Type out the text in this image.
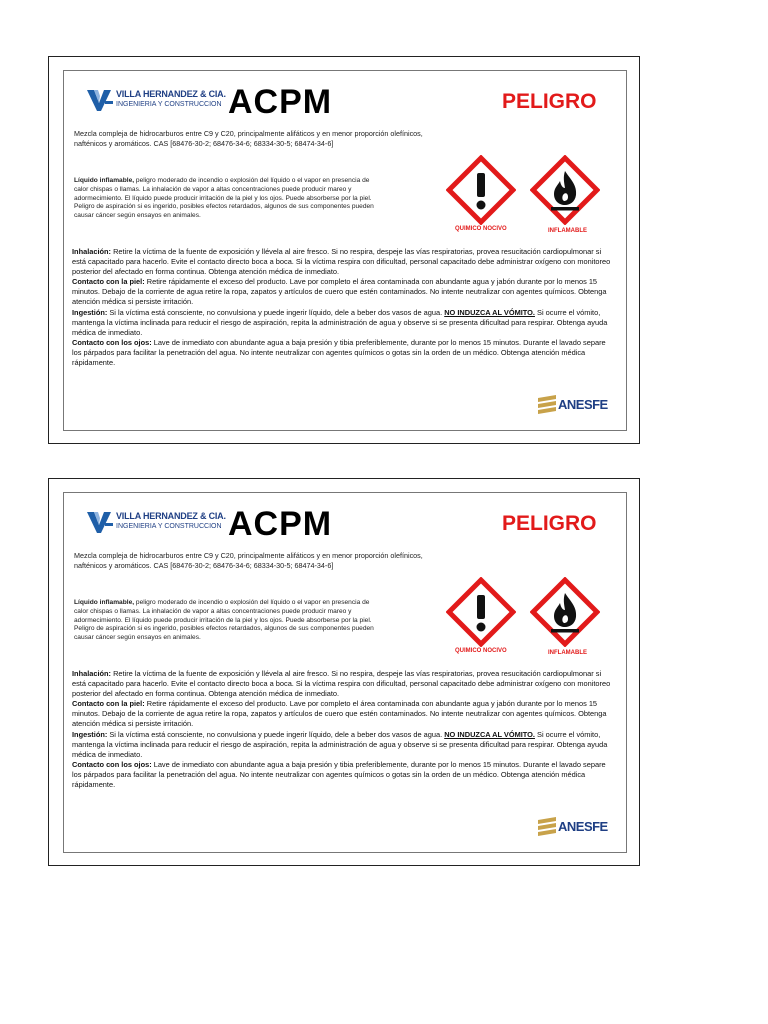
VILLA HERNANDEZ & CIA.
INGENIERIA Y CONSTRUCCION ACPM	PELIGRO
Mezcla compleja de hidrocarburos entre C9 y C20, principalmente alifáticos y en menor proporción olefínicos, nafténicos y aromáticos. CAS [68476-30-2; 68476-34-6; 68334-30-5; 68474-34-6]
Líquido inflamable, peligro moderado de incendio o explosión del líquido o el vapor en presencia de calor chispas o llamas. La inhalación de vapor a altas concentraciones puede producir mareo y adormecimiento. El líquido puede producir irritación de la piel y los ojos. Puede absorberse por la piel. Peligro de aspiración si es ingerido, posibles efectos retardados, algunos de sus componentes pueden causar cáncer según ensayos en animales.
QUIMICO NOCIVO	INFLAMABLE
Inhalación: Retire la víctima de la fuente de exposición y llévela al aire fresco. Si no respira, despeje las vías respiratorias, provea resucitación cardiopulmonar si está capacitado para hacerlo. Evite el contacto directo boca a boca. Si la víctima respira con dificultad, personal capacitado debe administrar oxígeno con monitoreo posterior del afectado en forma continua. Obtenga atención médica de inmediato.
Contacto con la piel: Retire rápidamente el exceso del producto. Lave por completo el área contaminada con abundante agua y jabón durante por lo menos 15 minutos. Debajo de la corriente de agua retire la ropa, zapatos y artículos de cuero que estén contaminados. No intente neutralizar con agentes químicos. Obtenga atención médica si persiste irritación.
Ingestión: Si la víctima está consciente, no convulsiona y puede ingerir líquido, dele a beber dos vasos de agua. NO INDUZCA AL VÓMITO. Si ocurre el vómito, mantenga la víctima inclinada para reducir el riesgo de aspiración, repita la administración de agua y observe si se presenta dificultad para respirar. Obtenga ayuda médica de inmediato.
Contacto con los ojos: Lave de inmediato con abundante agua a baja presión y tibia preferiblemente, durante por lo menos 15 minutos. Durante el lavado separe los párpados para facilitar la penetración del agua. No intente neutralizar con agentes químicos o gotas sin la orden de un médico. Obtenga atención médica rápidamente.
ANESFE
VILLA HERNANDEZ & CIA.
INGENIERIA Y CONSTRUCCION ACPM	PELIGRO
Mezcla compleja de hidrocarburos entre C9 y C20, principalmente alifáticos y en menor proporción olefínicos, nafténicos y aromáticos. CAS [68476-30-2; 68476-34-6; 68334-30-5; 68474-34-6]
Líquido inflamable, peligro moderado de incendio o explosión del líquido o el vapor en presencia de calor chispas o llamas. La inhalación de vapor a altas concentraciones puede producir mareo y adormecimiento. El líquido puede producir irritación de la piel y los ojos. Puede absorberse por la piel. Peligro de aspiración si es ingerido, posibles efectos retardados, algunos de sus componentes pueden causar cáncer según ensayos en animales.
QUIMICO NOCIVO	INFLAMABLE
Inhalación: Retire la víctima de la fuente de exposición y llévela al aire fresco. Si no respira, despeje las vías respiratorias, provea resucitación cardiopulmonar si está capacitado para hacerlo. Evite el contacto directo boca a boca. Si la víctima respira con dificultad, personal capacitado debe administrar oxígeno con monitoreo posterior del afectado en forma continua. Obtenga atención médica de inmediato.
Contacto con la piel: Retire rápidamente el exceso del producto. Lave por completo el área contaminada con abundante agua y jabón durante por lo menos 15 minutos. Debajo de la corriente de agua retire la ropa, zapatos y artículos de cuero que estén contaminados. No intente neutralizar con agentes químicos. Obtenga atención médica si persiste irritación.
Ingestión: Si la víctima está consciente, no convulsiona y puede ingerir líquido, dele a beber dos vasos de agua. NO INDUZCA AL VÓMITO. Si ocurre el vómito, mantenga la víctima inclinada para reducir el riesgo de aspiración, repita la administración de agua y observe si se presenta dificultad para respirar. Obtenga ayuda médica de inmediato.
Contacto con los ojos: Lave de inmediato con abundante agua a baja presión y tibia preferiblemente, durante por lo menos 15 minutos. Durante el lavado separe los párpados para facilitar la penetración del agua. No intente neutralizar con agentes químicos o gotas sin la orden de un médico. Obtenga atención médica rápidamente.
ANESFE
